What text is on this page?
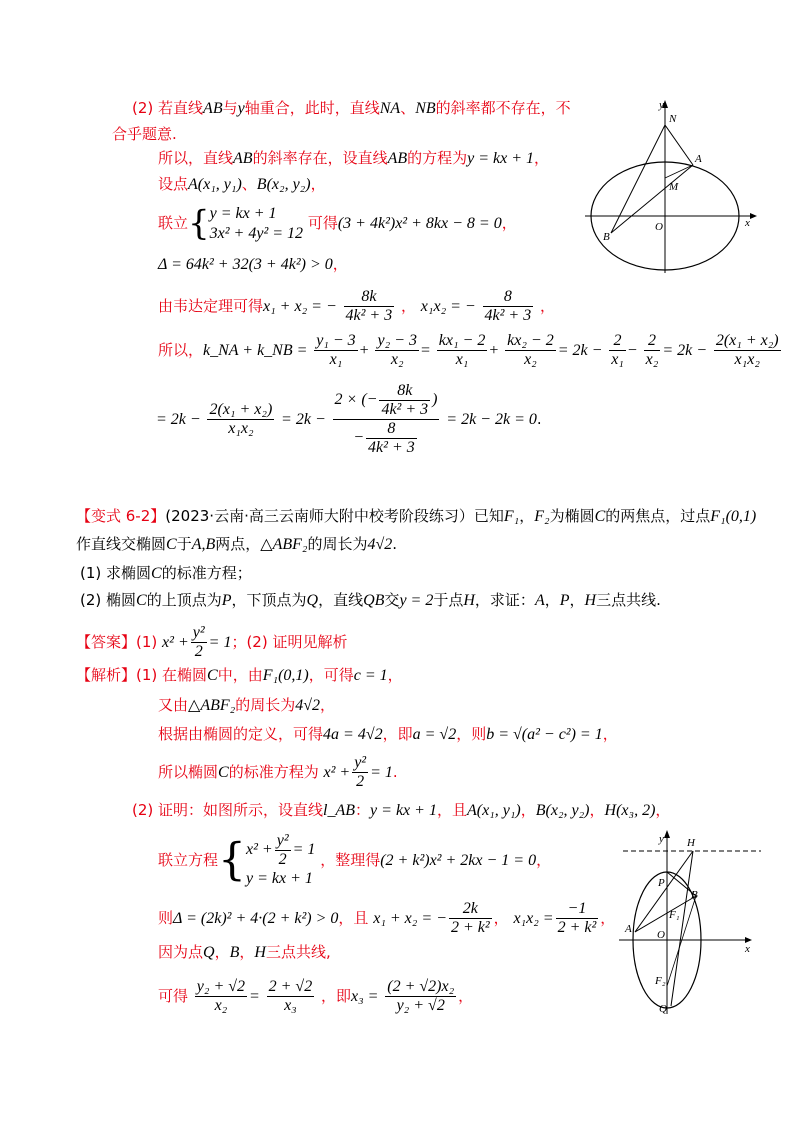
(2) 若直线AB与y轴重合，此时，直线NA、NB的斜率都不存在，不
合乎题意.
所以，直线AB的斜率存在，设直线AB的方程为y = kx + 1，
设点A(x₁, y₁)、B(x₂, y₂)，
联立{ y = kx + 1
3x² + 4y² = 12
可得(3 + 4k²)x² + 8kx − 8 = 0，
Δ = 64k² + 32(3 + 4k²) > 0，
由韦达定理可得x₁ + x₂ = − $\frac{8k}{\text{4k² + 3}}$ ， x₁x₂ = − $\frac{8}{\text{4k² + 3}}$ ，
所以，k_NA + k_NB = $\frac{\text{y₁ − 3}}{\text{x₁}} + \frac{\text{y₂ − 3}}{\text{x₂}} = \frac{\text{kx₁ − 2}}{\text{x₁}} + \frac{\text{kx₂ − 2}}{\text{x₂}} = 2k - \frac{2}{\text{x₁}} - \frac{2}{\text{x₂}} = 2k - \frac{\text{2(x₁ + x₂)}}{\text{x₁x₂}}$
= $2k - \frac{\text{2(x₁ + x₂)}}{\text{x₁x₂}} = 2k - \frac{2 \times (- \frac{8k}{\text{4k² + 3}} )}{- \frac{8}{\text{4k² + 3}}} = 2k - 2k = 0$.
N
A
M
O
B
x
y
【变式 6-2】(2023·云南·高三云南师大附中校考阶段练习）已知F₁，F₂为椭圆C的两焦点，过点F₁(0,1)
作直线交椭圆C于A,B两点，△ABF₂的周长为4√2.
(1) 求椭圆C的标准方程；
(2) 椭圆C的上顶点为P，下顶点为Q，直线QB交y = 2于点H，求证：A，P，H三点共线.
【答案】(1) $x^2 + \frac{\text{y²}}{2} = 1$；(2) 证明见解析
【解析】(1) 在椭圆C中，由F₁(0,1)，可得c = 1，
又由△ABF₂的周长为4√2，
根据由椭圆的定义，可得4a = 4√2，即a = √2，则b = √(a² − c²) = 1，
所以椭圆C的标准方程为 $x^2 + \frac{\text{y²}}{2} = 1$.
(2) 证明：如图所示，设直线l_AB：y = kx + 1，且A(x₁, y₁)，B(x₂, y₂)，H(x₃, 2)，
联立方程{ $x^2 + \frac{\text{y²}}{2} = 1$
y = kx + 1
，整理得(2 + k²)x² + 2kx − 1 = 0，
则Δ = (2k)² + 4·(2 + k²) > 0，且 x₁ + x₂ = − $\frac{2k}{\text{2 + k²}}$ ， $x_1x_2 = \frac{-1}{\text{2 + k²}}$ ，
因为点Q，B，H三点共线,
可得 $\frac{\text{y₂ + √2}}{\text{x₂}} = \frac{2 + √2}{\text{x₃}}$ ，即$x_3 = \frac{\text{(2 + √2)x₂}}{\text{y₂ + √2}}$ ，
H
y
P
B
F₁
A O
x
F₂
Q
